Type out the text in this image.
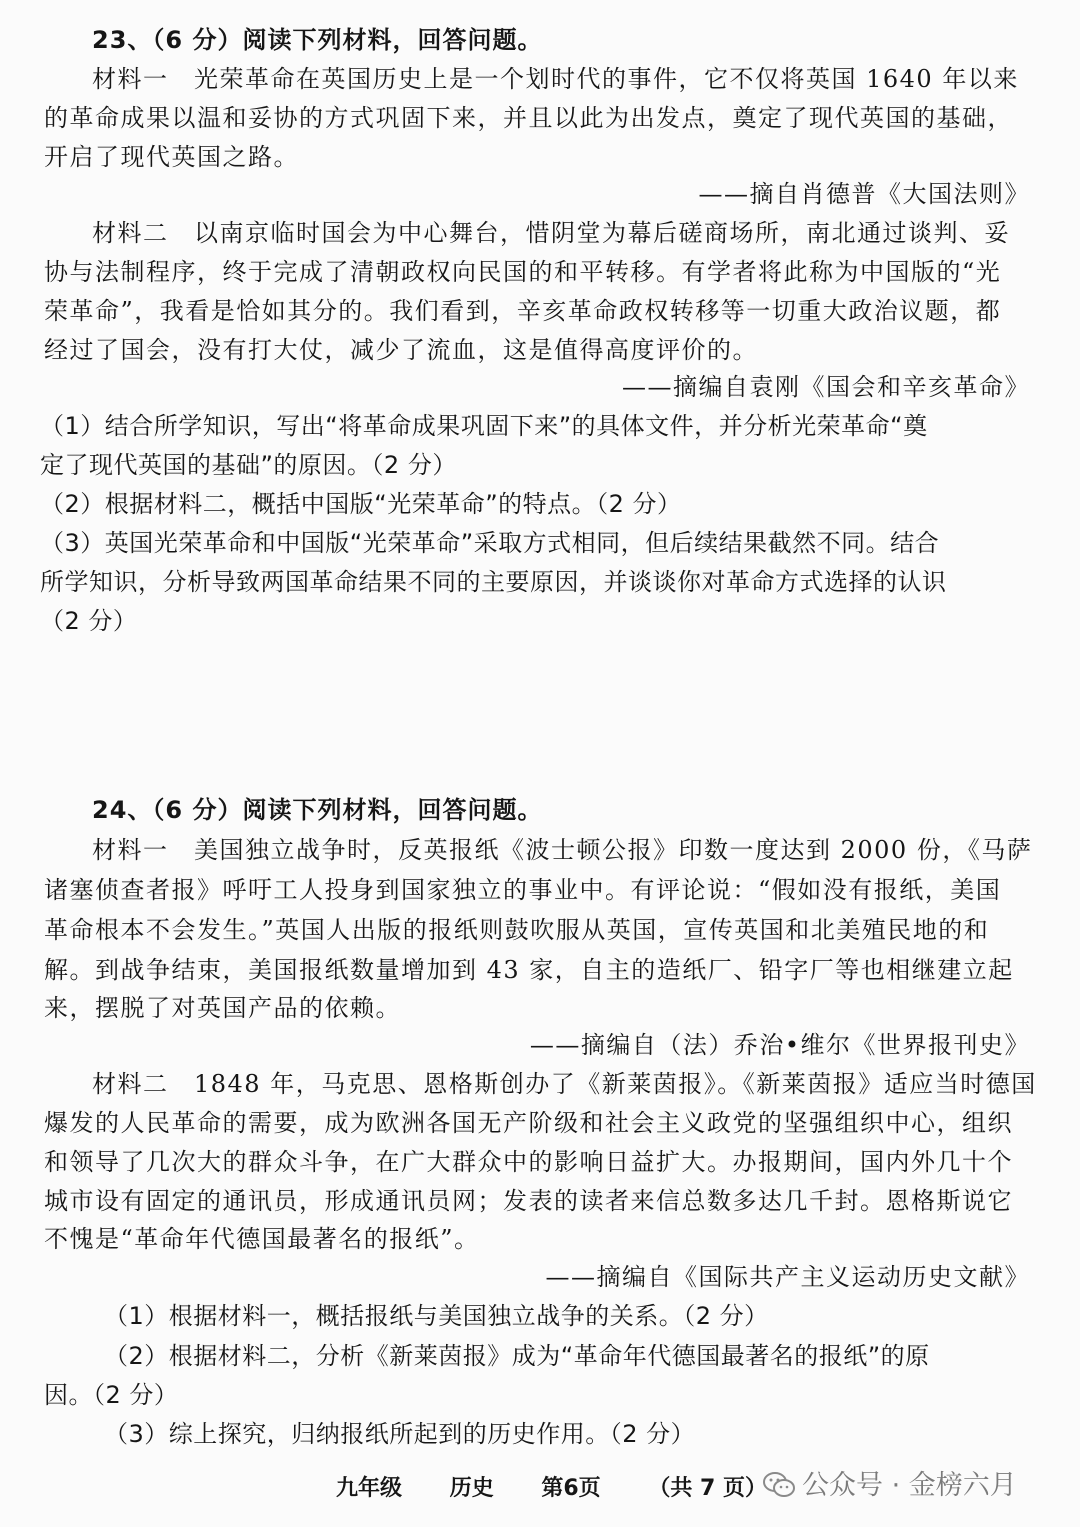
23、（6 分）阅读下列材料，回答问题。
材料一　光荣革命在英国历史上是一个划时代的事件，它不仅将英国 1640 年以来
的革命成果以温和妥协的方式巩固下来，并且以此为出发点，奠定了现代英国的基础，
开启了现代英国之路。
——摘自肖德普《大国法则》
材料二　以南京临时国会为中心舞台，惜阴堂为幕后磋商场所，南北通过谈判、妥
协与法制程序，终于完成了清朝政权向民国的和平转移。有学者将此称为中国版的“光
荣革命”，我看是恰如其分的。我们看到，辛亥革命政权转移等一切重大政治议题，都
经过了国会，没有打大仗，减少了流血，这是值得高度评价的。
——摘编自袁刚《国会和辛亥革命》
（1）结合所学知识，写出“将革命成果巩固下来”的具体文件，并分析光荣革命“奠
定了现代英国的基础”的原因。（2 分）
（2）根据材料二，概括中国版“光荣革命”的特点。（2 分）
（3）英国光荣革命和中国版“光荣革命”采取方式相同，但后续结果截然不同。结合
所学知识，分析导致两国革命结果不同的主要原因，并谈谈你对革命方式选择的认识
（2 分）
24、（6 分）阅读下列材料，回答问题。
材料一　美国独立战争时，反英报纸《波士顿公报》印数一度达到 2000 份，《马萨
诸塞侦查者报》呼吁工人投身到国家独立的事业中。有评论说：“假如没有报纸，美国
革命根本不会发生。”英国人出版的报纸则鼓吹服从英国，宣传英国和北美殖民地的和
解。到战争结束，美国报纸数量增加到 43 家，自主的造纸厂、铅字厂等也相继建立起
来，摆脱了对英国产品的依赖。
——摘编自（法）乔治•维尔《世界报刊史》
材料二　1848 年，马克思、恩格斯创办了《新莱茵报》。《新莱茵报》适应当时德国
爆发的人民革命的需要，成为欧洲各国无产阶级和社会主义政党的坚强组织中心，组织
和领导了几次大的群众斗争，在广大群众中的影响日益扩大。办报期间，国内外几十个
城市设有固定的通讯员，形成通讯员网；发表的读者来信总数多达几千封。恩格斯说它
不愧是“革命年代德国最著名的报纸”。
——摘编自《国际共产主义运动历史文献》
（1）根据材料一，概括报纸与美国独立战争的关系。（2 分）
（2）根据材料二，分析《新莱茵报》成为“革命年代德国最著名的报纸”的原
因。（2 分）
（3）综上探究，归纳报纸所起到的历史作用。（2 分）
九年级 历史 第6页 （共 7 页）	公众号 · 金榜六月
